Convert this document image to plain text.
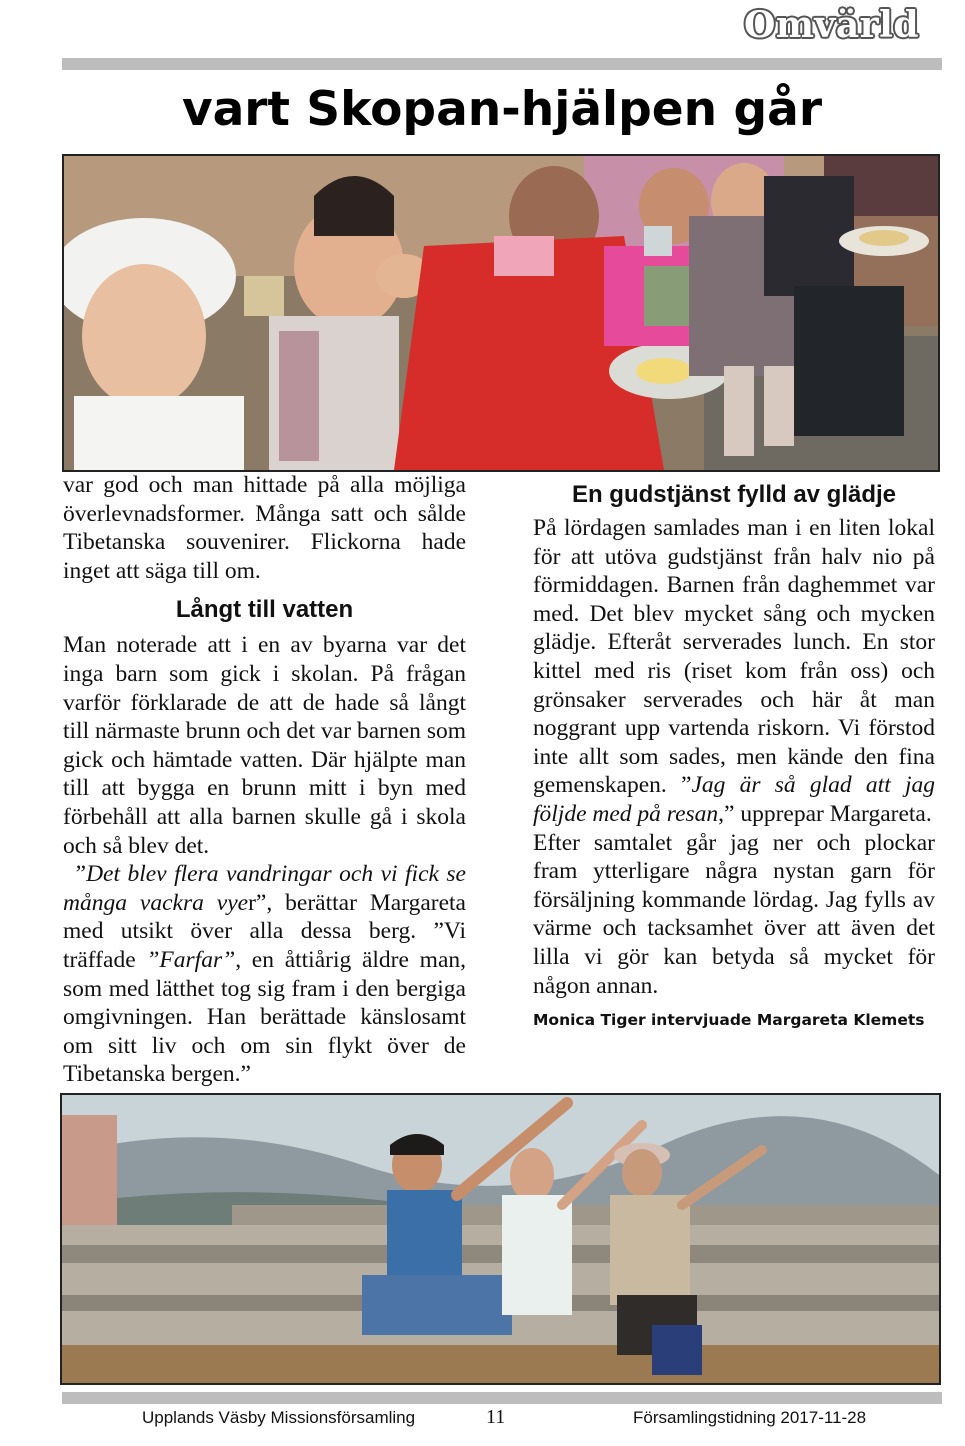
Omvärld
vart Skopan-hjälpen går

var god och man hittade på alla möjliga överlevnadsformer. Många satt och sålde Tibetanska souvenirer. Flickorna hade inget att säga till om.

Långt till vatten

Man noterade att i en av byarna var det inga barn som gick i skolan. På frågan varför förklarade de att de hade så långt till närmaste brunn och det var barnen som gick och hämtade vatten. Där hjälpte man till att bygga en brunn mitt i byn med förbehåll att alla barnen skulle gå i skola och så blev det.

”Det blev flera vandringar och vi fick se många vackra vyer”, berättar Margareta med utsikt över alla dessa berg. ”Vi träffade ”Farfar”, en åttiårig äldre man, som med lätthet tog sig fram i den bergiga omgivningen. Han berättade känslosamt om sitt liv och om sin flykt över de Tibetanska bergen.”

En gudstjänst fylld av glädje

På lördagen samlades man i en liten lokal för att utöva gudstjänst från halv nio på förmiddagen. Barnen från daghemmet var med. Det blev mycket sång och mycken glädje. Efteråt serverades lunch. En stor kittel med ris (riset kom från oss) och grönsaker serverades och här åt man noggrant upp vartenda riskorn. Vi förstod inte allt som sades, men kände den fina gemenskapen. ”Jag är så glad att jag följde med på resan,” upprepar Margareta.

Efter samtalet går jag ner och plockar fram ytterligare några nystan garn för försäljning kommande lördag. Jag fylls av värme och tacksamhet över att även det lilla vi gör kan betyda så mycket för någon annan.

Monica Tiger intervjuade Margareta Klemets
Upplands Väsby Missionsförsamling	11	Församlingstidning 2017-11-28
